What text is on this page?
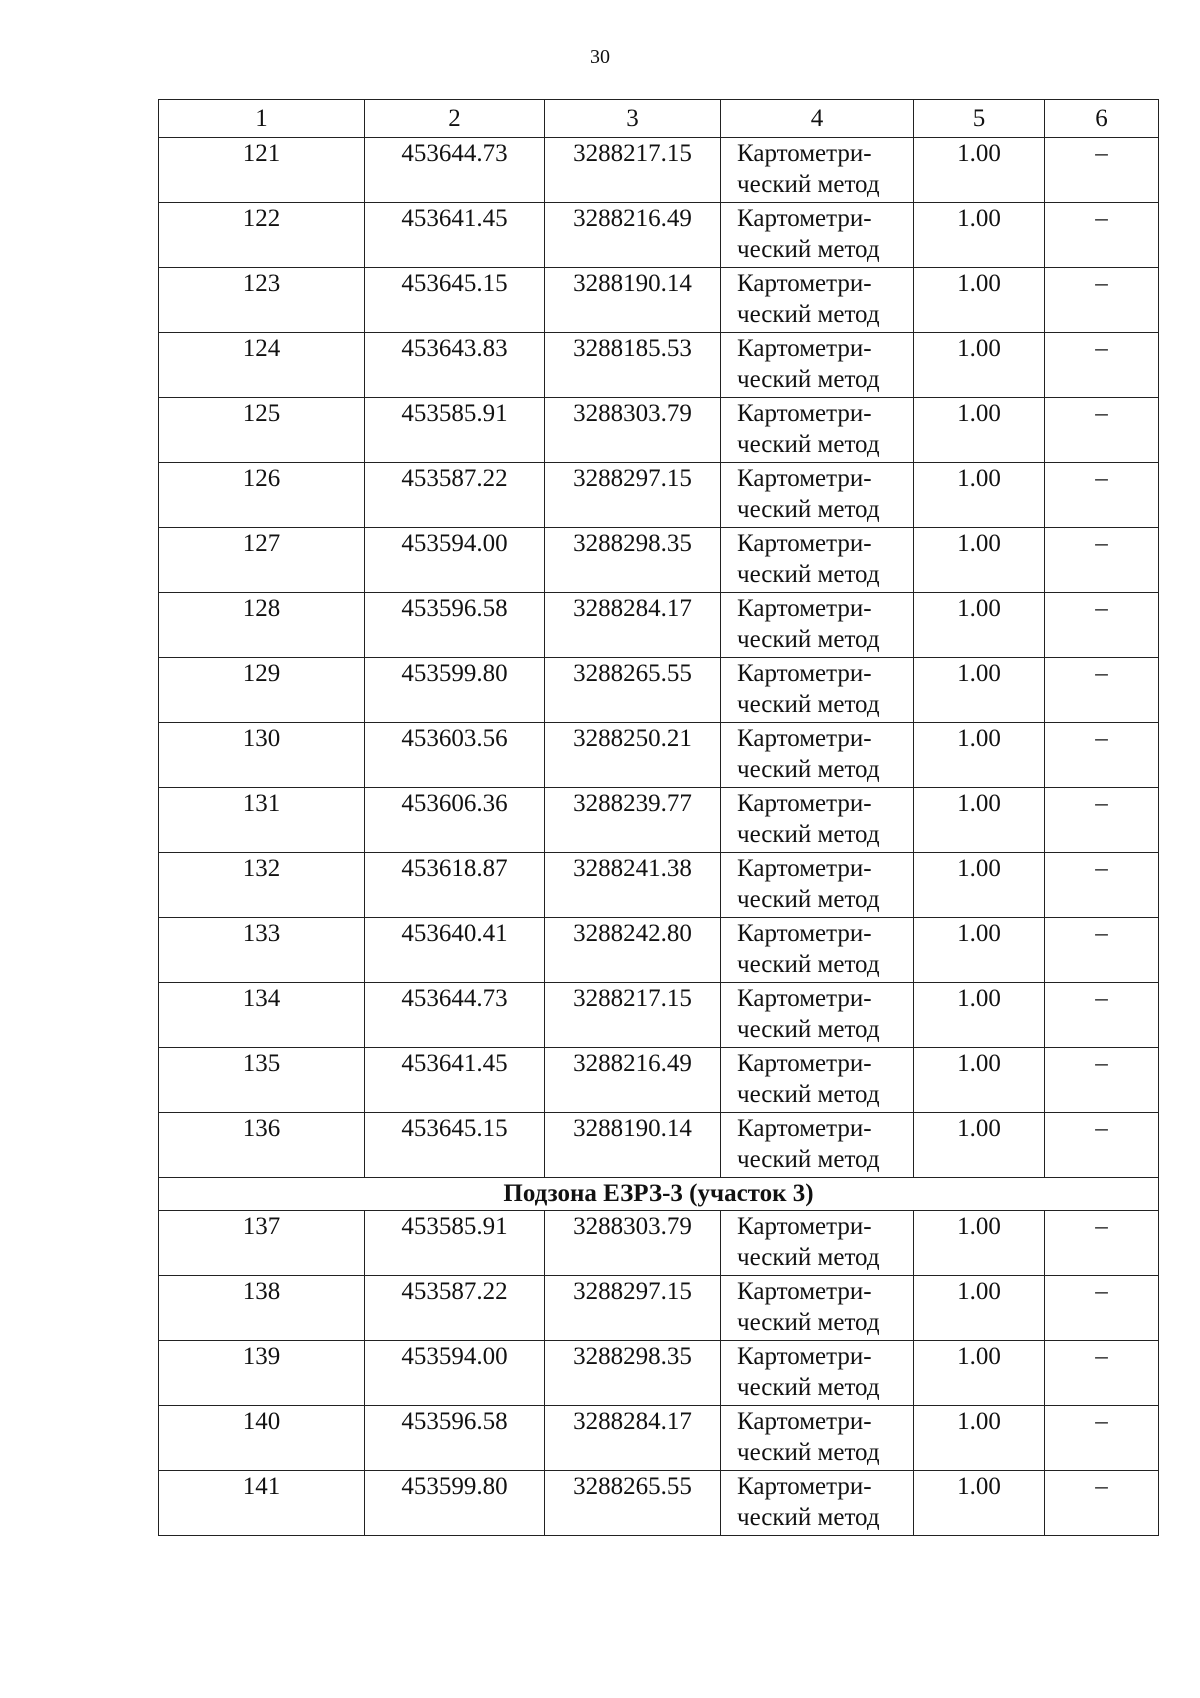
30
1	2	3	4	5	6
121	453644.73	3288217.15	Картометри-
ческий метод	1.00	–
122	453641.45	3288216.49	Картометри-
ческий метод	1.00	–
123	453645.15	3288190.14	Картометри-
ческий метод	1.00	–
124	453643.83	3288185.53	Картометри-
ческий метод	1.00	–
125	453585.91	3288303.79	Картометри-
ческий метод	1.00	–
126	453587.22	3288297.15	Картометри-
ческий метод	1.00	–
127	453594.00	3288298.35	Картометри-
ческий метод	1.00	–
128	453596.58	3288284.17	Картометри-
ческий метод	1.00	–
129	453599.80	3288265.55	Картометри-
ческий метод	1.00	–
130	453603.56	3288250.21	Картометри-
ческий метод	1.00	–
131	453606.36	3288239.77	Картометри-
ческий метод	1.00	–
132	453618.87	3288241.38	Картометри-
ческий метод	1.00	–
133	453640.41	3288242.80	Картометри-
ческий метод	1.00	–
134	453644.73	3288217.15	Картометри-
ческий метод	1.00	–
135	453641.45	3288216.49	Картометри-
ческий метод	1.00	–
136	453645.15	3288190.14	Картометри-
ческий метод	1.00	–
Подзона ЕЗРЗ-3 (участок 3)					
137	453585.91	3288303.79	Картометри-
ческий метод	1.00	–
138	453587.22	3288297.15	Картометри-
ческий метод	1.00	–
139	453594.00	3288298.35	Картометри-
ческий метод	1.00	–
140	453596.58	3288284.17	Картометри-
ческий метод	1.00	–
141	453599.80	3288265.55	Картометри-
ческий метод	1.00	–
